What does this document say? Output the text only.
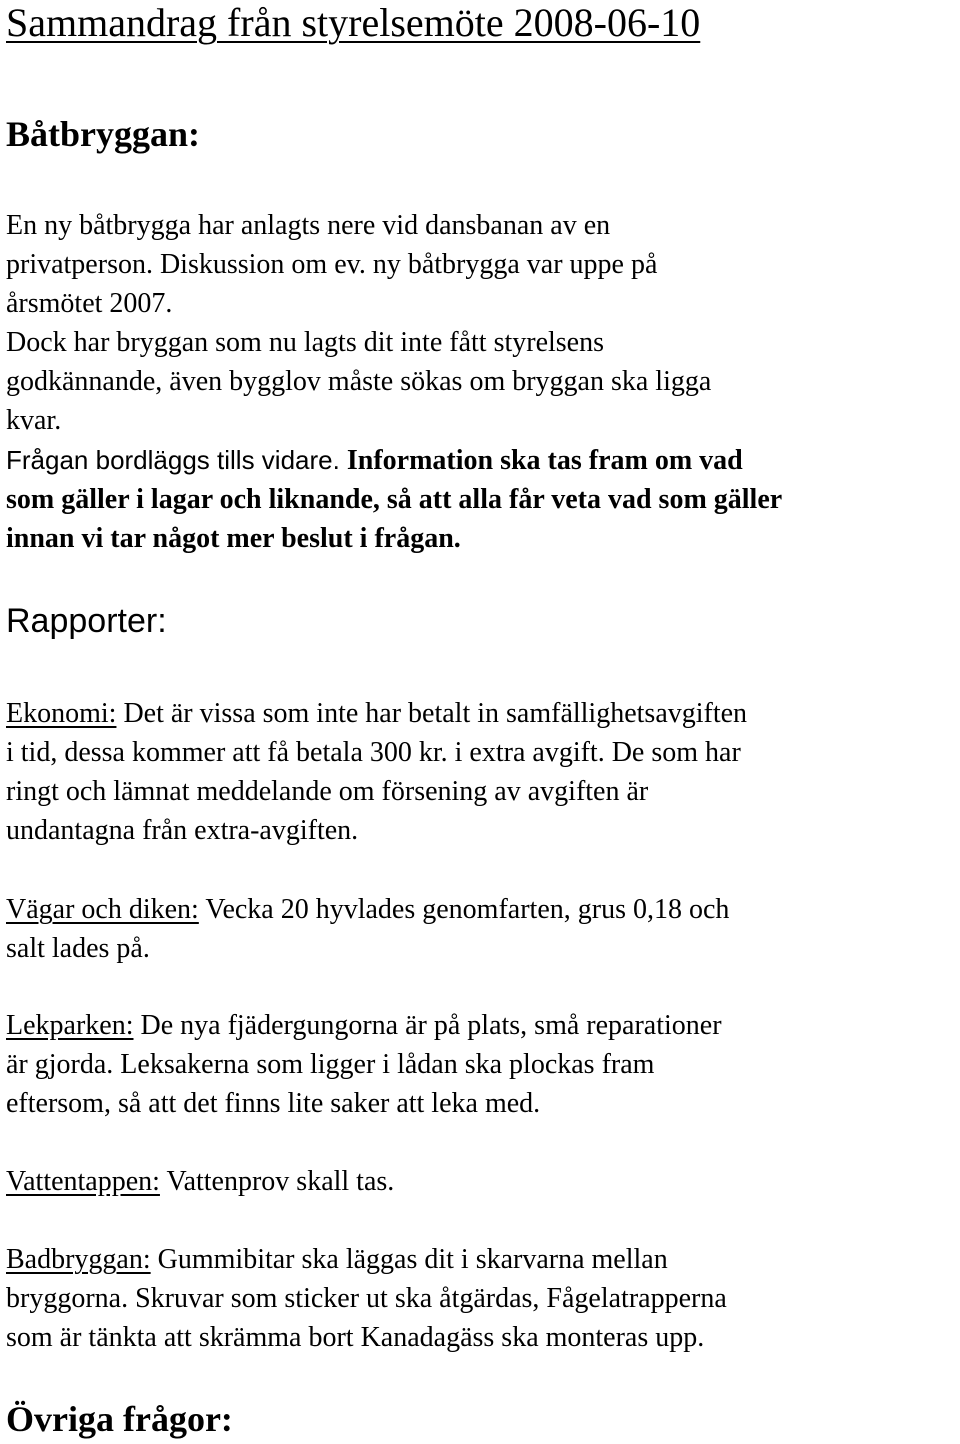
Sammandrag från styrelsemöte 2008-06-10
Båtbryggan:
En ny båtbrygga har anlagts nere vid dansbanan av en
privatperson. Diskussion om ev. ny båtbrygga var uppe på
årsmötet 2007.
Dock har bryggan som nu lagts dit inte fått styrelsens
godkännande, även bygglov måste sökas om bryggan ska ligga
kvar.
Frågan bordläggs tills vidare. Information ska tas fram om vad
som gäller i lagar och liknande, så att alla får veta vad som gäller
innan vi tar något mer beslut i frågan.
Rapporter:
Ekonomi: Det är vissa som inte har betalt in samfällighetsavgiften
i tid, dessa kommer att få betala 300 kr. i extra avgift. De som har
ringt och lämnat meddelande om försening av avgiften är
undantagna från extra-avgiften.
Vägar och diken: Vecka 20 hyvlades genomfarten, grus 0,18 och
salt lades på.
Lekparken: De nya fjädergungorna är på plats, små reparationer
är gjorda. Leksakerna som ligger i lådan ska plockas fram
eftersom, så att det finns lite saker att leka med.
Vattentappen: Vattenprov skall tas.
Badbryggan: Gummibitar ska läggas dit i skarvarna mellan
bryggorna. Skruvar som sticker ut ska åtgärdas, Fågelatrapperna
som är tänkta att skrämma bort Kanadagäss ska monteras upp.
Övriga frågor:
